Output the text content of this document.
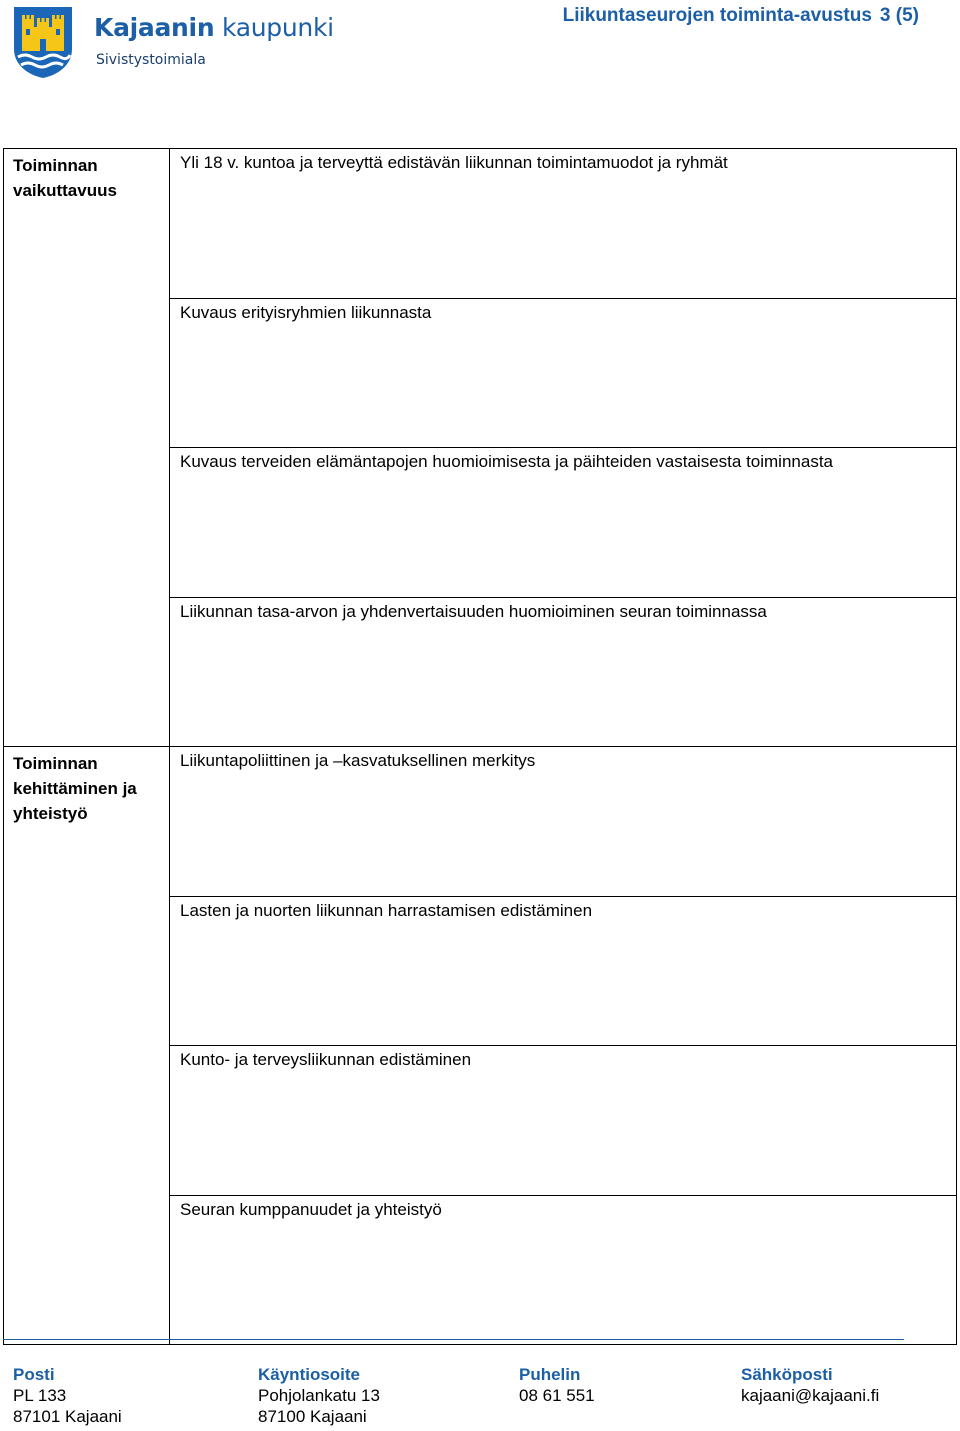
Kajaanin kaupunki
Sivistystoimiala
Liikuntaseurojen toiminta-avustus 3 (5)
Toiminnan vaikuttavuus	Yli 18 v. kuntoa ja terveyttä edistävän liikunnan toimintamuodot ja ryhmät
	Kuvaus erityisryhmien liikunnasta
	Kuvaus terveiden elämäntapojen huomioimisesta ja päihteiden vastaisesta toiminnasta
	Liikunnan tasa-arvon ja yhdenvertaisuuden huomioiminen seuran toiminnassa
Toiminnan kehittäminen ja yhteistyö	Liikuntapoliittinen ja –kasvatuksellinen merkitys
	Lasten ja nuorten liikunnan harrastamisen edistäminen
	Kunto- ja terveysliikunnan edistäminen
	Seuran kumppanuudet ja yhteistyö
Posti
PL 133
87101 Kajaani
Käyntiosoite
Pohjolankatu 13
87100 Kajaani
Puhelin
08 61 551
Sähköposti
kajaani@kajaani.fi
